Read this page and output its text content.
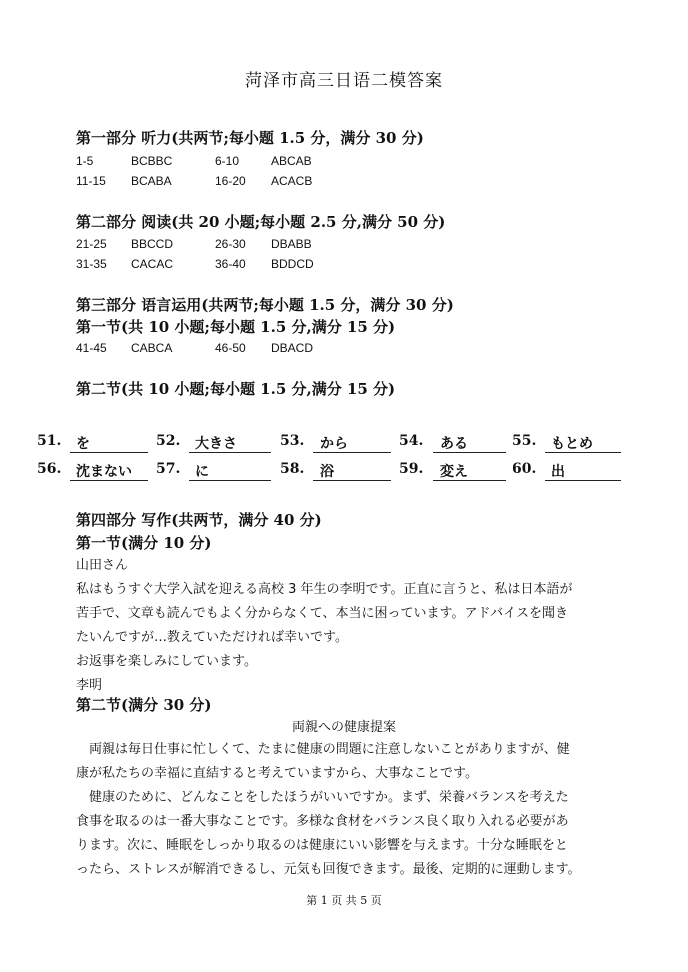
菏泽市高三日语二模答案
第一部分 听力(共两节;每小题 1.5 分，满分 30 分)
1-5	BCBBC	6-10	ABCAB
11-15 BCABA	16-20 ACACB
第二部分 阅读(共 20 小题;每小题 2.5 分,满分 50 分)
21-25 BBCCD	26-30 DBABB
31-35 CACAC	36-40 BDDCD
第三部分 语言运用(共两节;每小题 1.5 分，满分 30 分)
第一节(共 10 小题;每小题 1.5 分,满分 15 分)
41-45 CABCA	46-50 DBACD
第二节(共 10 小题;每小题 1.5 分,满分 15 分)
51. を	52. 大きさ	53. から	54. ある	55. もとめ
56. 沈まない 57. に	58. 浴	59. 変え	60. 出
第四部分 写作(共两节，满分 40 分)
第一节(满分 10 分)
山田さん
私はもうすぐ大学入試を迎える高校 3 年生の李明です。正直に言うと、私は日本語が
苦手で、文章も読んでもよく分からなくて、本当に困っています。アドバイスを聞き
たいんですが…教えていただければ幸いです。
お返事を楽しみにしています。
李明
第二节(满分 30 分)
両親への健康提案
　両親は毎日仕事に忙しくて、たまに健康の問題に注意しないことがありますが、健
康が私たちの幸福に直結すると考えていますから、大事なことです。
　健康のために、どんなことをしたほうがいいですか。まず、栄養バランスを考えた
食事を取るのは一番大事なことです。多様な食材をバランス良く取り入れる必要があ
ります。次に、睡眠をしっかり取るのは健康にいい影響を与えます。十分な睡眠をと
ったら、ストレスが解消できるし、元気も回復できます。最後、定期的に運動します。
第 1 页 共 5 页
